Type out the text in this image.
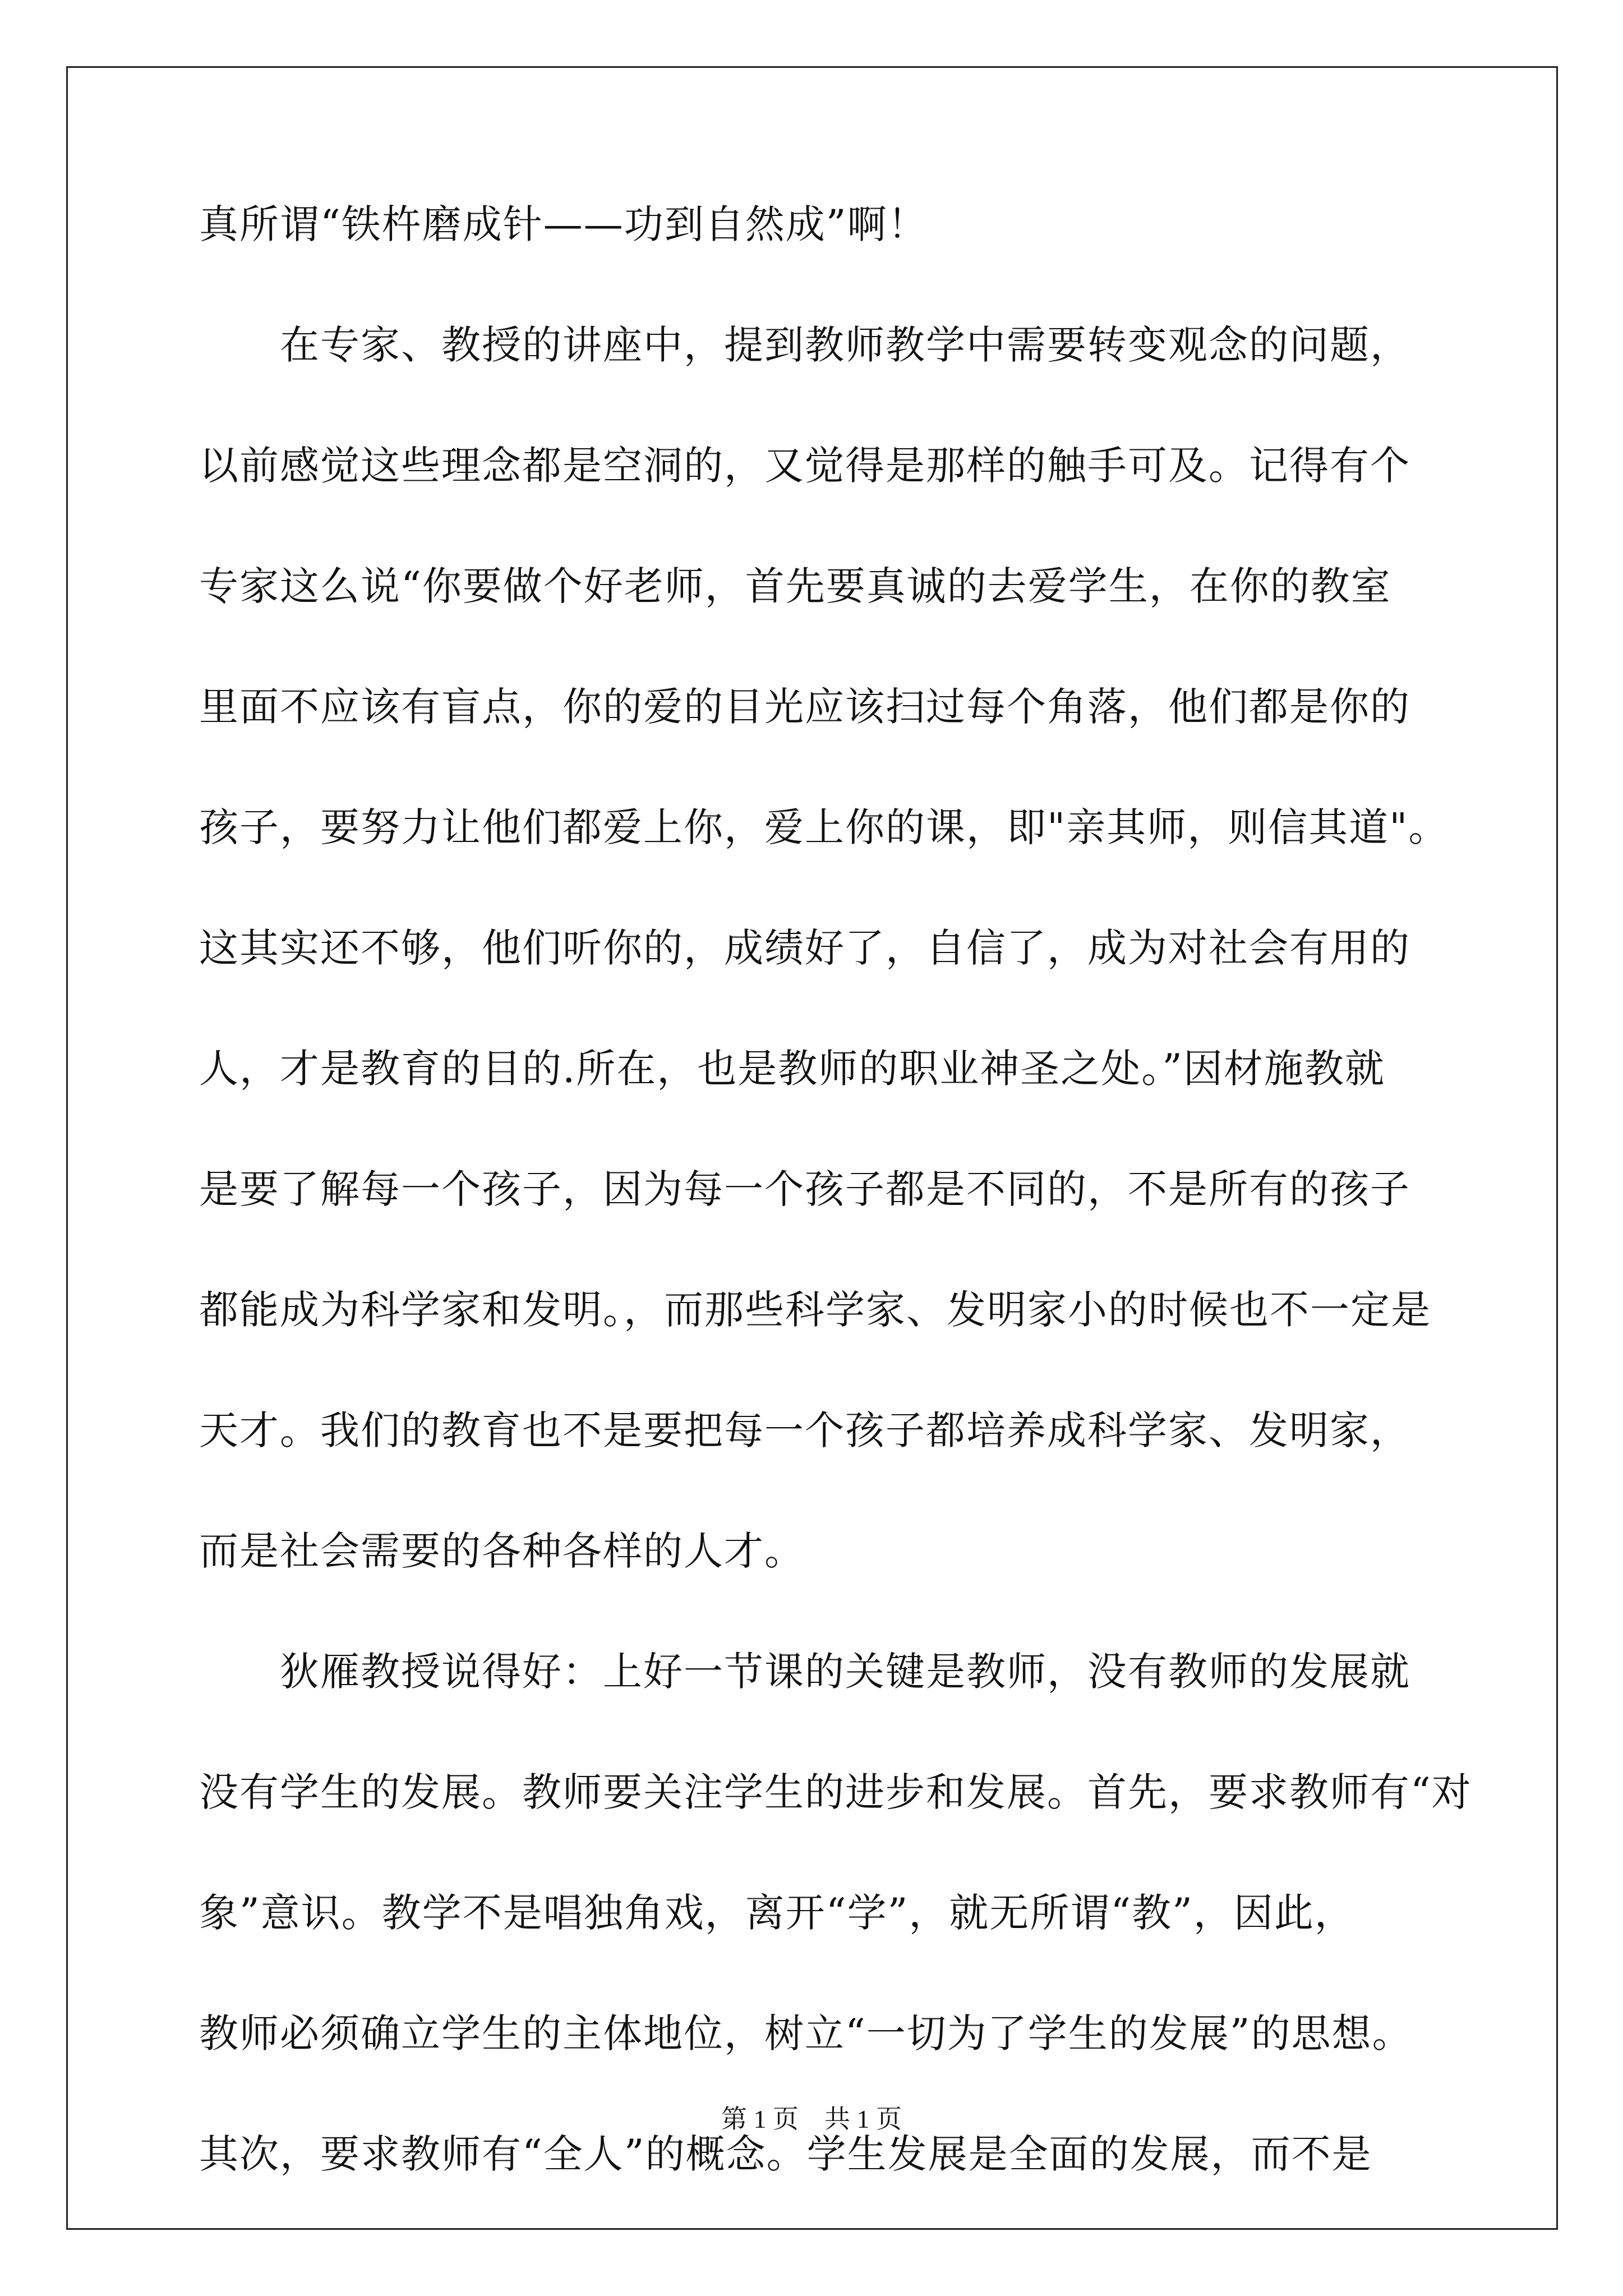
真所谓“铁杵磨成针——功到自然成”啊！
　　在专家、教授的讲座中，提到教师教学中需要转变观念的问题，
以前感觉这些理念都是空洞的，又觉得是那样的触手可及。记得有个
专家这么说“你要做个好老师，首先要真诚的去爱学生，在你的教室
里面不应该有盲点，你的爱的目光应该扫过每个角落，他们都是你的
孩子，要努力让他们都爱上你，爱上你的课，即"亲其师，则信其道"。
这其实还不够，他们听你的，成绩好了，自信了，成为对社会有用的
人，才是教育的目的.所在，也是教师的职业神圣之处。”因材施教就
是要了解每一个孩子，因为每一个孩子都是不同的，不是所有的孩子
都能成为科学家和发明。，而那些科学家、发明家小的时候也不一定是
天才。我们的教育也不是要把每一个孩子都培养成科学家、发明家，
而是社会需要的各种各样的人才。
　　狄雁教授说得好：上好一节课的关键是教师，没有教师的发展就
没有学生的发展。教师要关注学生的进步和发展。首先，要求教师有“对
象”意识。教学不是唱独角戏，离开“学”，就无所谓“教”，因此，
教师必须确立学生的主体地位，树立“一切为了学生的发展”的思想。
其次，要求教师有“全人”的概念。学生发展是全面的发展，而不是
第 1 页　共 1 页
